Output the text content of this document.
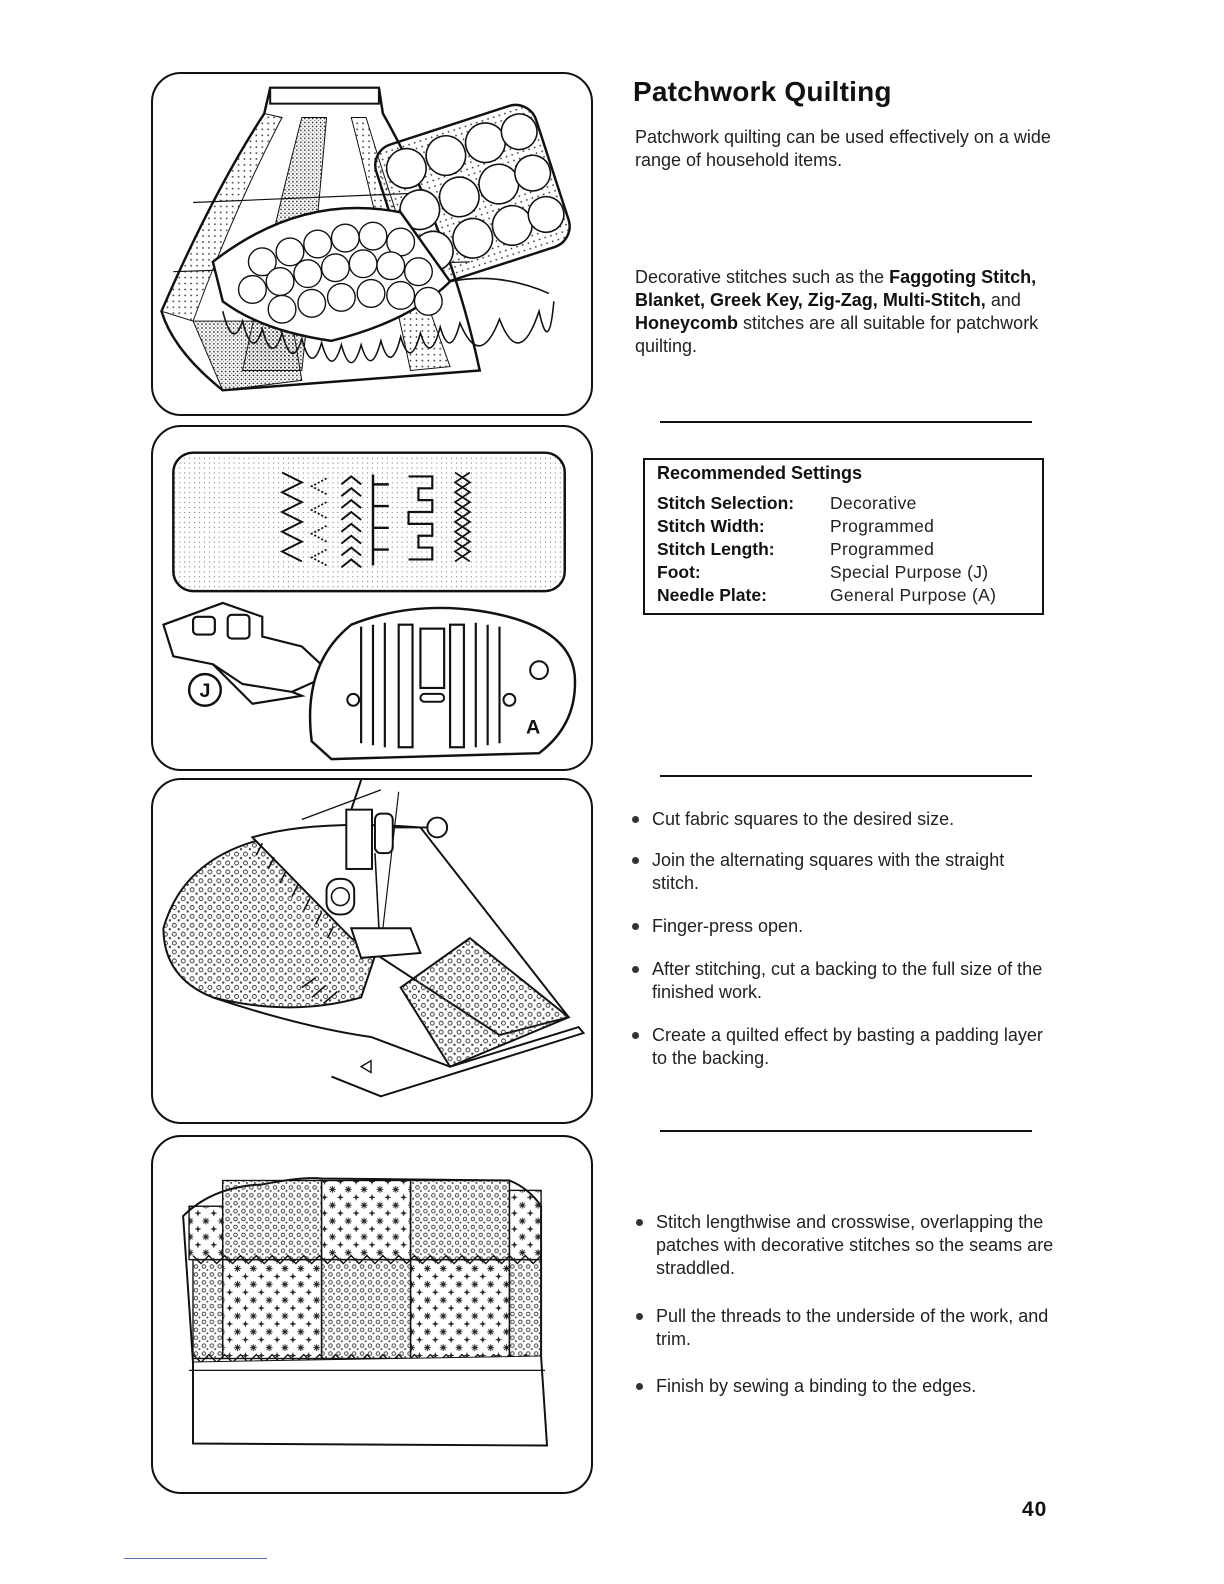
J
A
Patchwork Quilting

Patchwork quilting can be used effectively on a wide range of household items.

Decorative stitches such as the Faggoting Stitch, Blanket, Greek Key, Zig-Zag, Multi-Stitch, and Honeycomb stitches are all suitable for patchwork quilting.

Recommended Settings
Stitch Selection:	Decorative
Stitch Width:	Programmed
Stitch Length:	Programmed
Foot:	Special Purpose (J)
Needle Plate:	General Purpose (A)
Cut fabric squares to the desired size.
Join the alternating squares with the straight stitch.
Finger-press open.
After stitching, cut a backing to the full size of the finished work.
Create a quilted effect by basting a padding layer to the backing.
Stitch lengthwise and crosswise, overlapping the patches with decorative stitches so the seams are straddled.
Pull the threads to the underside of the work, and trim.
Finish by sewing a binding to the edges.
40
